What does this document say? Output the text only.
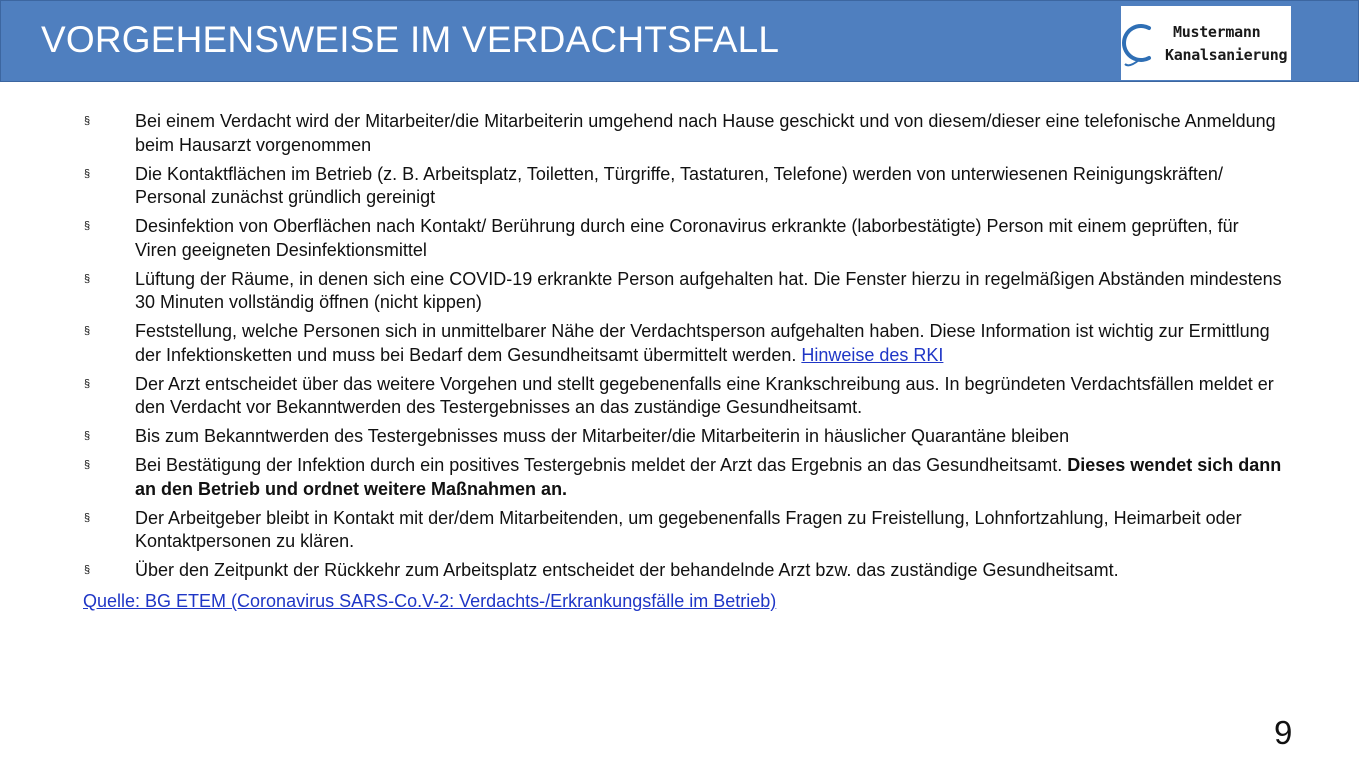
VORGEHENSWEISE IM VERDACHTSFALL	Mustermann
Kanalsanierung
§ Bei einem Verdacht wird der Mitarbeiter/die Mitarbeiterin umgehend nach Hause geschickt und von diesem/dieser eine telefonische Anmeldung beim Hausarzt vorgenommen
§ Die Kontaktflächen im Betrieb (z. B. Arbeitsplatz, Toiletten, Türgriffe, Tastaturen, Telefone) werden von unterwiesenen Reinigungskräften/ Personal zunächst gründlich gereinigt
§ Desinfektion von Oberflächen nach Kontakt/ Berührung durch eine Coronavirus erkrankte (laborbestätigte) Person mit einem geprüften, für Viren geeigneten Desinfektionsmittel
§ Lüftung der Räume, in denen sich eine COVID-19 erkrankte Person aufgehalten hat. Die Fenster hierzu in regelmäßigen Abständen mindestens 30 Minuten vollständig öffnen (nicht kippen)
§ Feststellung, welche Personen sich in unmittelbarer Nähe der Verdachtsperson aufgehalten haben. Diese Information ist wichtig zur Ermittlung der Infektionsketten und muss bei Bedarf dem Gesundheitsamt übermittelt werden. Hinweise des RKI
§ Der Arzt entscheidet über das weitere Vorgehen und stellt gegebenenfalls eine Krankschreibung aus. In begründeten Verdachtsfällen meldet er den Verdacht vor Bekanntwerden des Testergebnisses an das zuständige Gesundheitsamt.
§ Bis zum Bekanntwerden des Testergebnisses muss der Mitarbeiter/die Mitarbeiterin in häuslicher Quarantäne bleiben
§ Bei Bestätigung der Infektion durch ein positives Testergebnis meldet der Arzt das Ergebnis an das Gesundheitsamt. Dieses wendet sich dann an den Betrieb und ordnet weitere Maßnahmen an.
§ Der Arbeitgeber bleibt in Kontakt mit der/dem Mitarbeitenden, um gegebenenfalls Fragen zu Freistellung, Lohnfortzahlung, Heimarbeit oder Kontaktpersonen zu klären.
§ Über den Zeitpunkt der Rückkehr zum Arbeitsplatz entscheidet der behandelnde Arzt bzw. das zuständige Gesundheitsamt.
Quelle: BG ETEM (Coronavirus SARS-Co.V-2: Verdachts-/Erkrankungsfälle im Betrieb)
9
